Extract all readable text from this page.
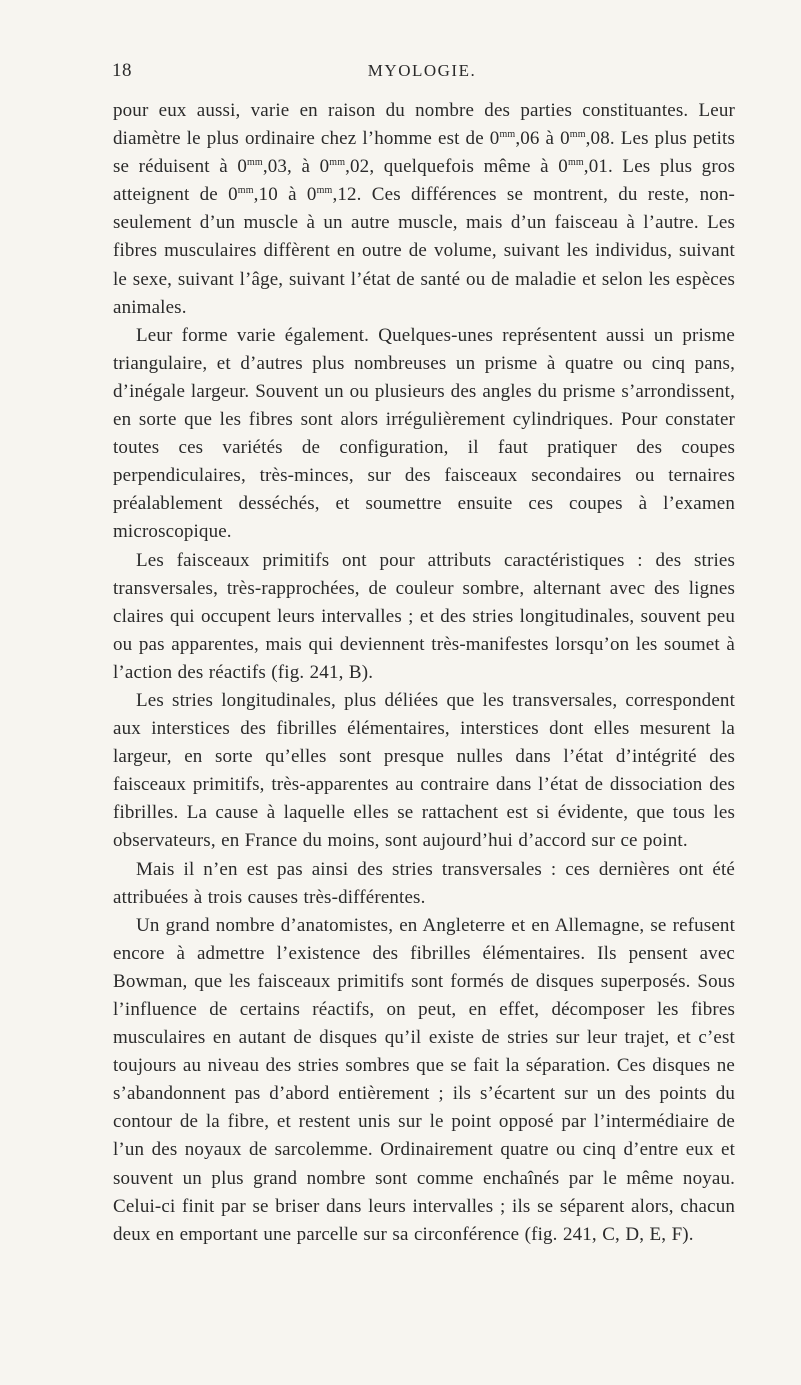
18	MYOLOGIE.

pour eux aussi, varie en raison du nombre des parties constituantes. Leur diamètre le plus ordinaire chez l’homme est de $0^{mm},06$ à $0^{mm},08$. Les plus petits se réduisent à $0^{mm},03$, à $0^{mm},02$, quelquefois même à $0^{mm},01$. Les plus gros atteignent de $0^{mm},10$ à $0^{mm},12$. Ces différences se montrent, du reste, non-seulement d’un muscle à un autre muscle, mais d’un faisceau à l’autre. Les fibres musculaires diffèrent en outre de volume, suivant les individus, suivant le sexe, suivant l’âge, suivant l’état de santé ou de maladie et selon les espèces animales.

Leur forme varie également. Quelques-unes représentent aussi un prisme triangulaire, et d’autres plus nombreuses un prisme à quatre ou cinq pans, d’inégale largeur. Souvent un ou plusieurs des angles du prisme s’arrondissent, en sorte que les fibres sont alors irrégulièrement cylindriques. Pour constater toutes ces variétés de configuration, il faut pratiquer des coupes perpendiculaires, très-minces, sur des faisceaux secondaires ou ternaires préalablement desséchés, et soumettre ensuite ces coupes à l’examen microscopique.

Les faisceaux primitifs ont pour attributs caractéristiques : des stries transversales, très-rapprochées, de couleur sombre, alternant avec des lignes claires qui occupent leurs intervalles ; et des stries longitudinales, souvent peu ou pas apparentes, mais qui deviennent très-manifestes lorsqu’on les soumet à l’action des réactifs (fig. 241, B).

Les stries longitudinales, plus déliées que les transversales, correspondent aux interstices des fibrilles élémentaires, interstices dont elles mesurent la largeur, en sorte qu’elles sont presque nulles dans l’état d’intégrité des faisceaux primitifs, très-apparentes au contraire dans l’état de dissociation des fibrilles. La cause à laquelle elles se rattachent est si évidente, que tous les observateurs, en France du moins, sont aujourd’hui d’accord sur ce point.

Mais il n’en est pas ainsi des stries transversales : ces dernières ont été attribuées à trois causes très-différentes.

Un grand nombre d’anatomistes, en Angleterre et en Allemagne, se refusent encore à admettre l’existence des fibrilles élémentaires. Ils pensent avec Bowman, que les faisceaux primitifs sont formés de disques superposés. Sous l’influence de certains réactifs, on peut, en effet, décomposer les fibres musculaires en autant de disques qu’il existe de stries sur leur trajet, et c’est toujours au niveau des stries sombres que se fait la séparation. Ces disques ne s’abandonnent pas d’abord entièrement ; ils s’écartent sur un des points du contour de la fibre, et restent unis sur le point opposé par l’intermédiaire de l’un des noyaux de sarcolemme. Ordinairement quatre ou cinq d’entre eux et souvent un plus grand nombre sont comme enchaînés par le même noyau. Celui-ci finit par se briser dans leurs intervalles ; ils se séparent alors, chacun deux en emportant une parcelle sur sa circonférence (fig. 241, C, D, E, F).
